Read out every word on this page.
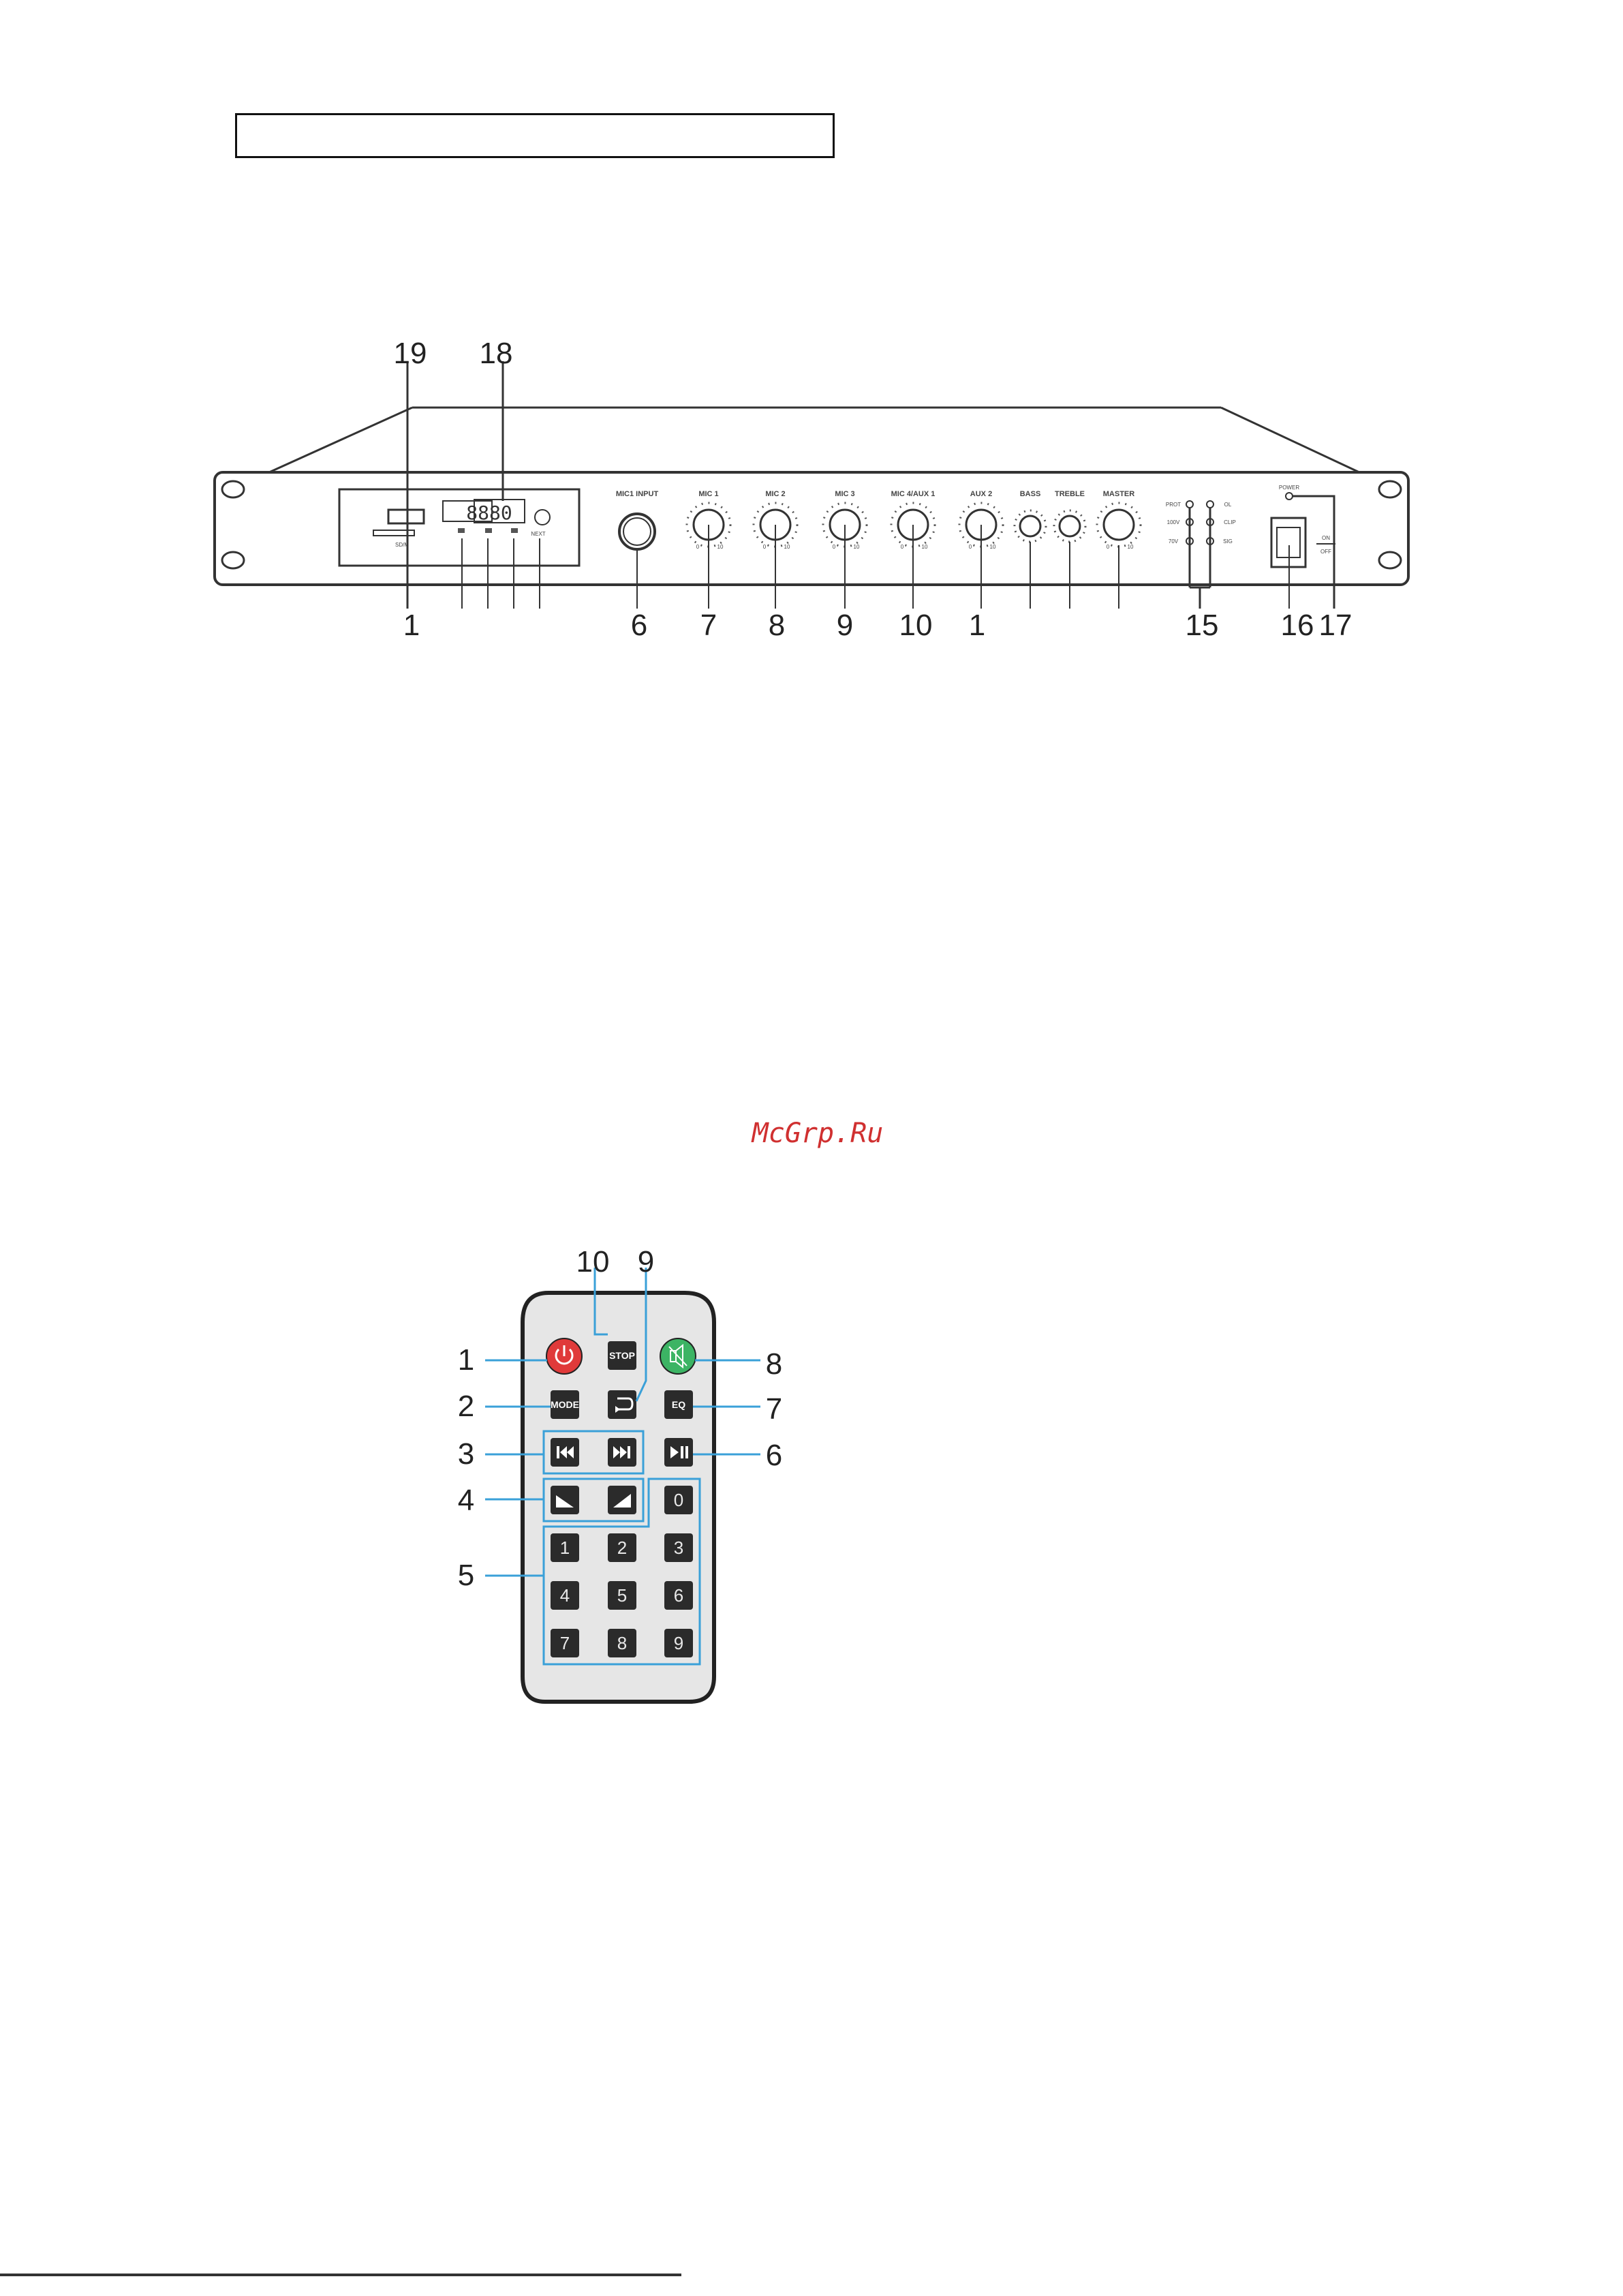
SD/M
8880
NEXT
MIC1 INPUT	MIC 1	MIC 2	MIC 3	MIC 4/AUX 1	AUX 2	BASS TREBLE MASTER
0	10	0	10	0	10	0	10	0	10	0	10
PROT
100V
70V
OL
CLIP
SIG
POWER
ON
OFF
19 18
1	6 7 8 9 10 1	15 16 17
STOP
MODE	EQ
0
1	2	3
4	5	6
7	8	9
1
2
3
4
5
8
7
6
10 9
McGrp.Ru
